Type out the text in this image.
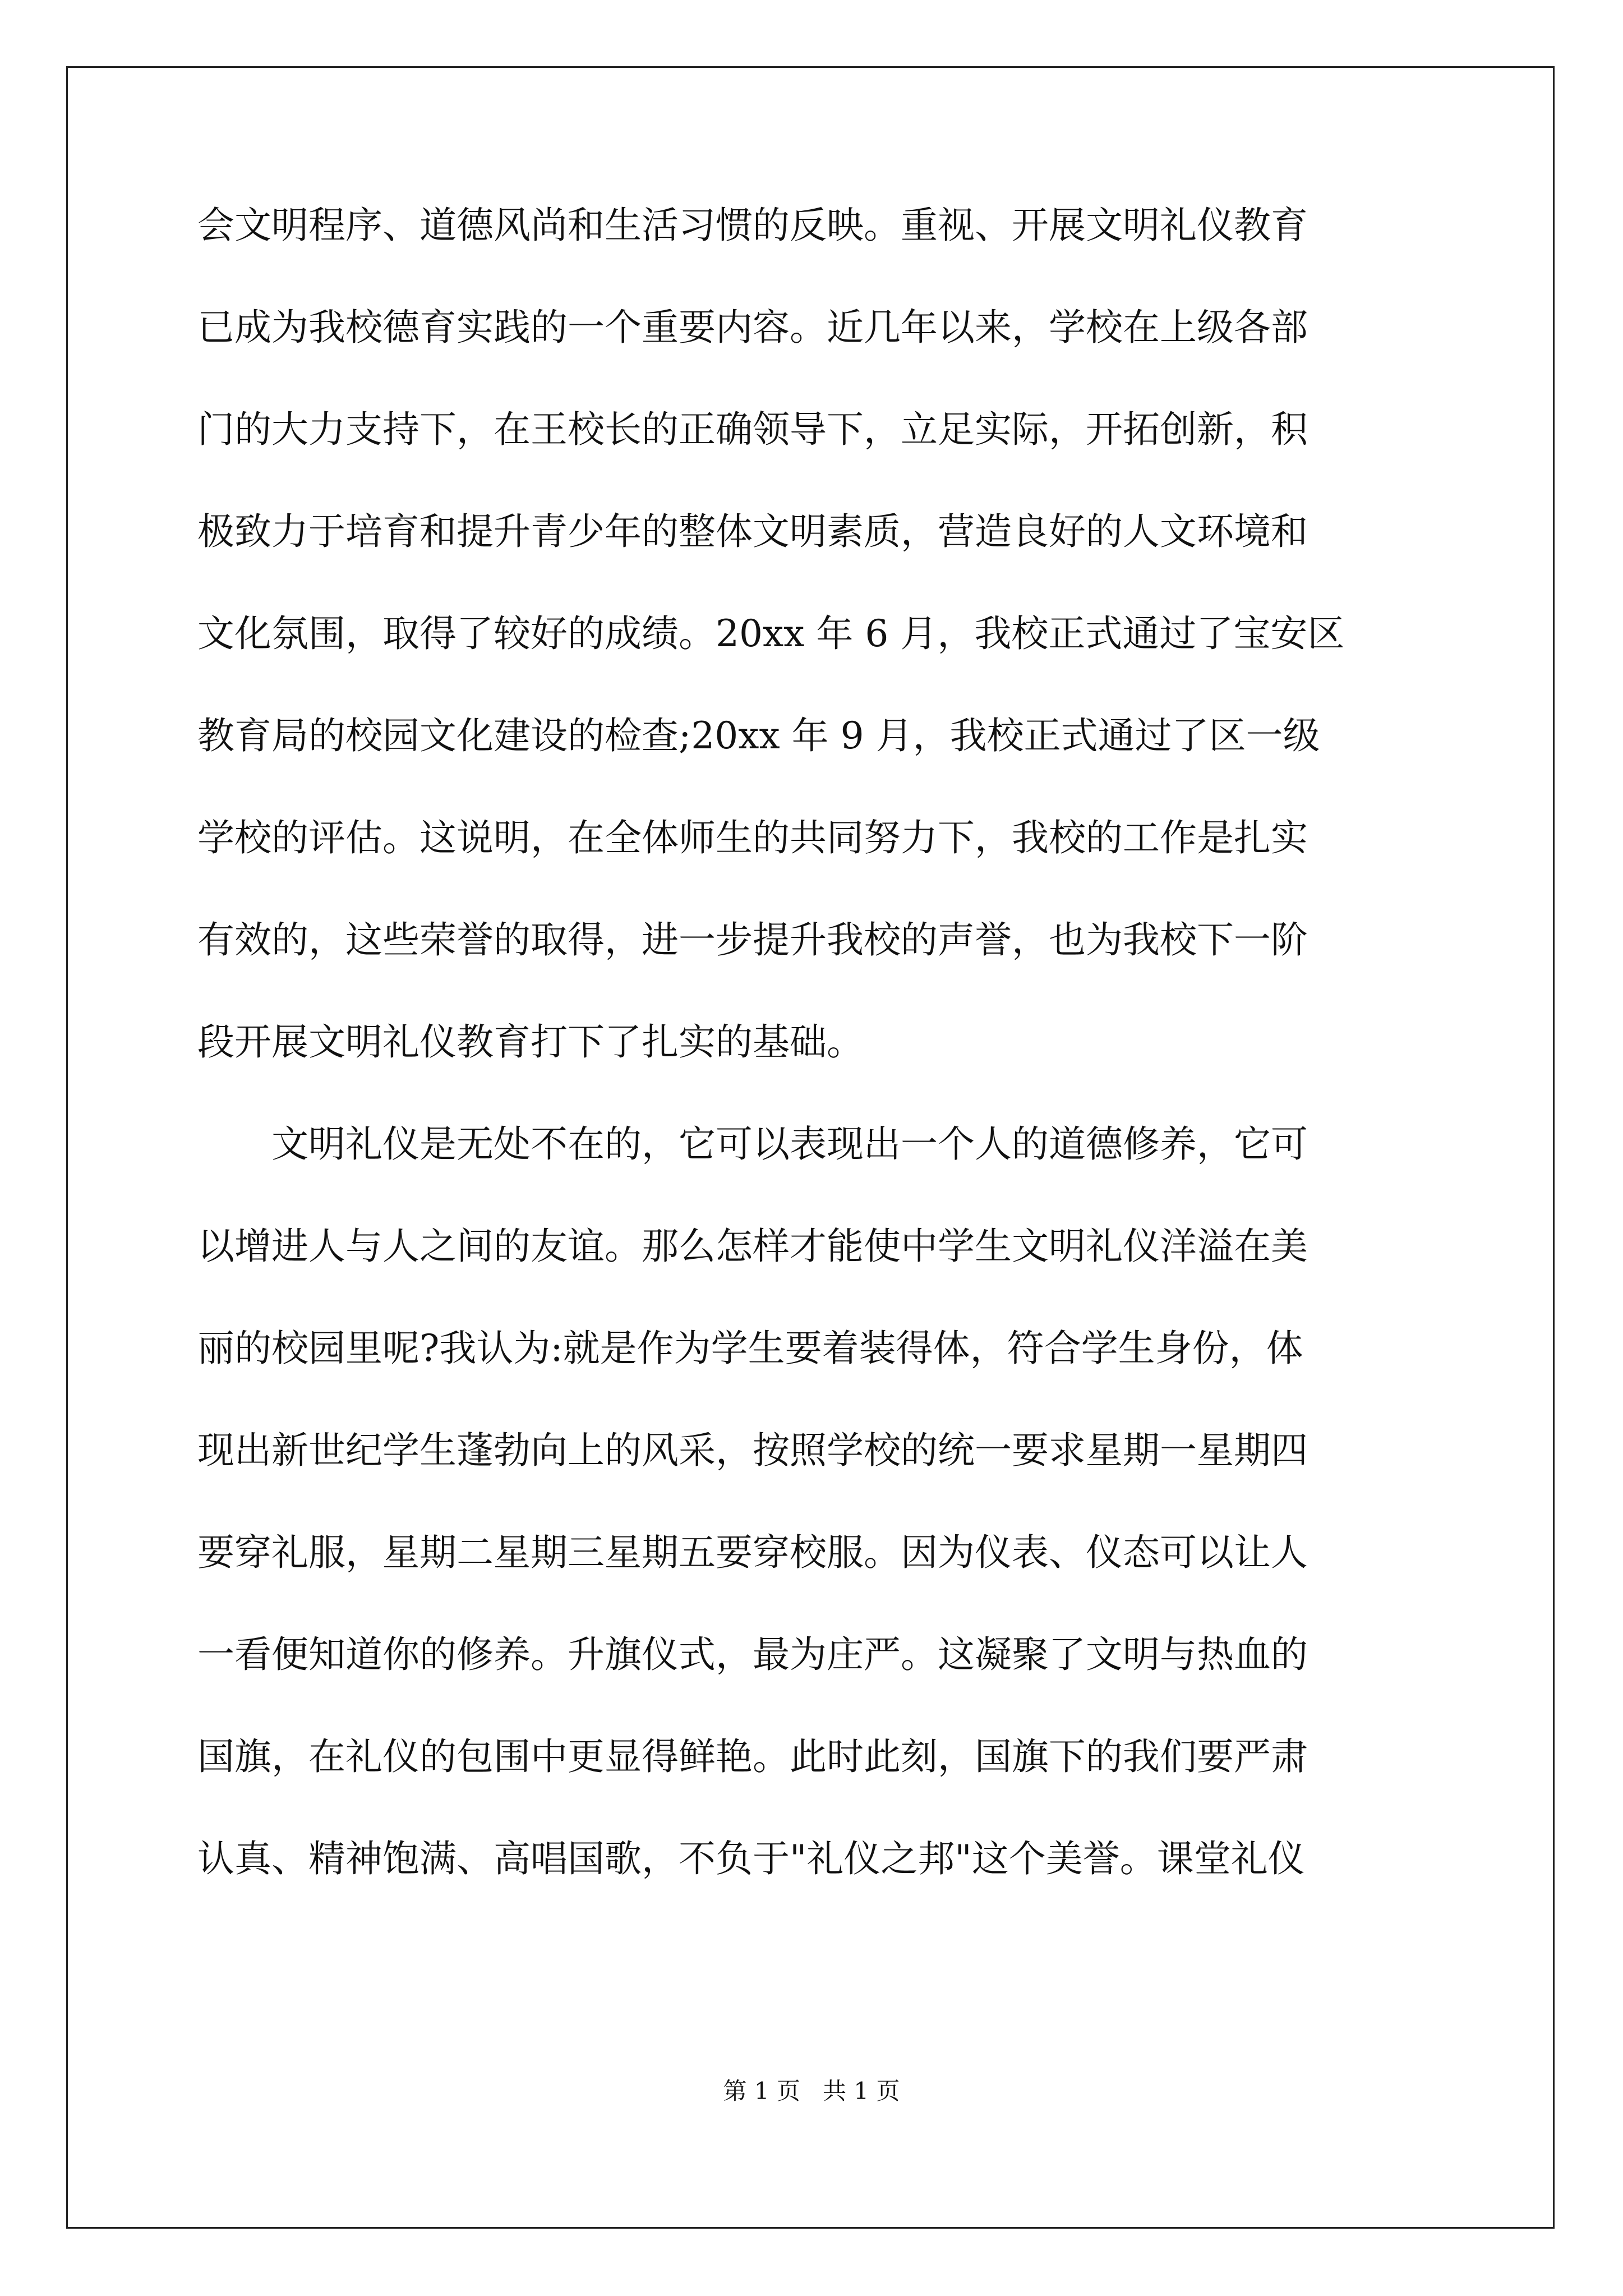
会文明程序、道德风尚和生活习惯的反映。重视、开展文明礼仪教育
已成为我校德育实践的一个重要内容。近几年以来，学校在上级各部
门的大力支持下，在王校长的正确领导下，立足实际，开拓创新，积
极致力于培育和提升青少年的整体文明素质，营造良好的人文环境和
文化氛围，取得了较好的成绩。20xx 年 6 月，我校正式通过了宝安区
教育局的校园文化建设的检查;20xx 年 9 月，我校正式通过了区一级
学校的评估。这说明，在全体师生的共同努力下，我校的工作是扎实
有效的，这些荣誉的取得，进一步提升我校的声誉，也为我校下一阶
段开展文明礼仪教育打下了扎实的基础。
　　文明礼仪是无处不在的，它可以表现出一个人的道德修养，它可
以增进人与人之间的友谊。那么怎样才能使中学生文明礼仪洋溢在美
丽的校园里呢?我认为:就是作为学生要着装得体，符合学生身份，体
现出新世纪学生蓬勃向上的风采，按照学校的统一要求星期一星期四
要穿礼服，星期二星期三星期五要穿校服。因为仪表、仪态可以让人
一看便知道你的修养。升旗仪式，最为庄严。这凝聚了文明与热血的
国旗，在礼仪的包围中更显得鲜艳。此时此刻，国旗下的我们要严肃
认真、精神饱满、高唱国歌，不负于"礼仪之邦"这个美誉。课堂礼仪
第 1 页 共 1 页
